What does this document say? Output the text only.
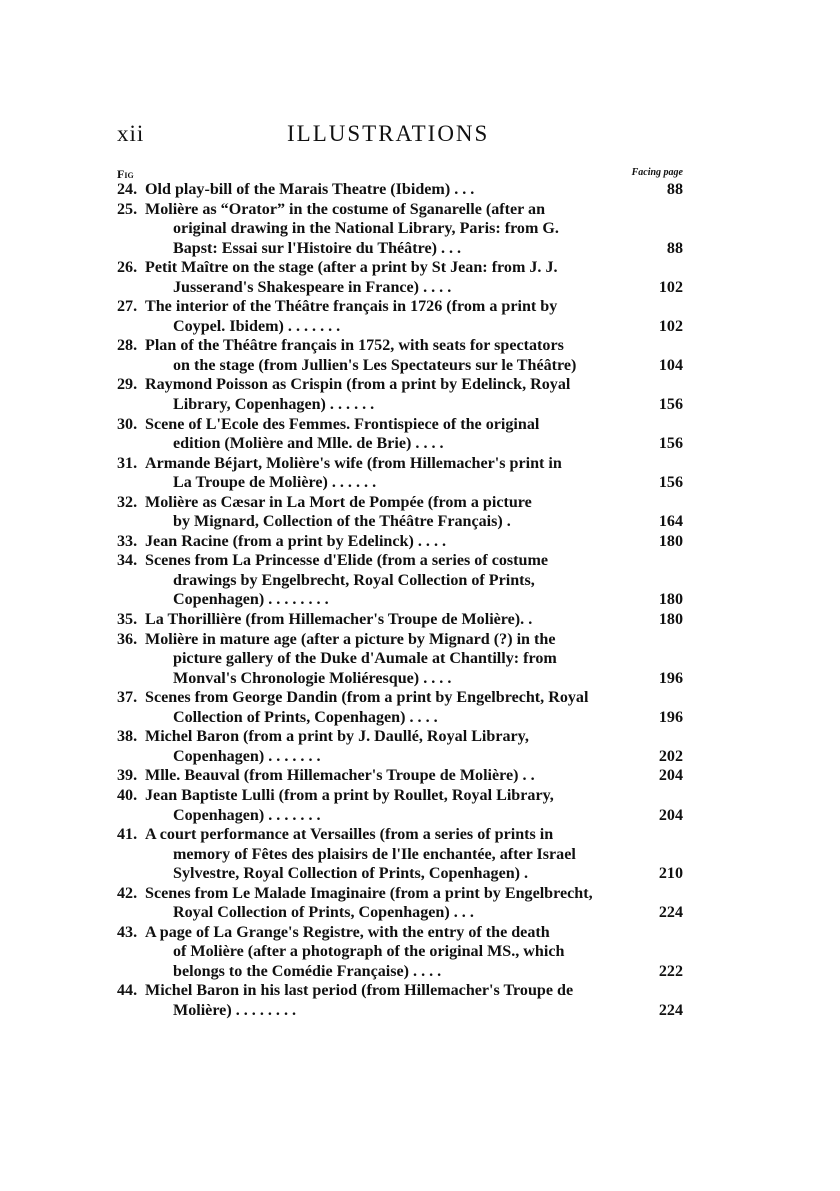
xii	ILLUSTRATIONS
Fig	Facing page
24. Old play-bill of the Marais Theatre (Ibidem) . . .	88
25. Molière as “Orator” in the costume of Sganarelle (after an
original drawing in the National Library, Paris: from G.
Bapst: Essai sur l'Histoire du Théâtre) . . .	88
26. Petit Maître on the stage (after a print by St Jean: from J. J.
Jusserand's Shakespeare in France) . . . .	102
27. The interior of the Théâtre français in 1726 (from a print by
Coypel. Ibidem) . . . . . . .	102
28. Plan of the Théâtre français in 1752, with seats for spectators
on the stage (from Jullien's Les Spectateurs sur le Théâtre)	104
29. Raymond Poisson as Crispin (from a print by Edelinck, Royal
Library, Copenhagen) . . . . . .	156
30. Scene of L'Ecole des Femmes. Frontispiece of the original
edition (Molière and Mlle. de Brie) . . . .	156
31. Armande Béjart, Molière's wife (from Hillemacher's print in
La Troupe de Molière) . . . . . .	156
32. Molière as Cæsar in La Mort de Pompée (from a picture
by Mignard, Collection of the Théâtre Français) .	164
33. Jean Racine (from a print by Edelinck) . . . .	180
34. Scenes from La Princesse d'Elide (from a series of costume
drawings by Engelbrecht, Royal Collection of Prints,
Copenhagen) . . . . . . . .	180
35. La Thorillière (from Hillemacher's Troupe de Molière). .	180
36. Molière in mature age (after a picture by Mignard (?) in the
picture gallery of the Duke d'Aumale at Chantilly: from
Monval's Chronologie Moliéresque) . . . .	196
37. Scenes from George Dandin (from a print by Engelbrecht, Royal
Collection of Prints, Copenhagen) . . . .	196
38. Michel Baron (from a print by J. Daullé, Royal Library,
Copenhagen) . . . . . . .	202
39. Mlle. Beauval (from Hillemacher's Troupe de Molière) . .	204
40. Jean Baptiste Lulli (from a print by Roullet, Royal Library,
Copenhagen) . . . . . . .	204
41. A court performance at Versailles (from a series of prints in
memory of Fêtes des plaisirs de l'Ile enchantée, after Israel
Sylvestre, Royal Collection of Prints, Copenhagen) .	210
42. Scenes from Le Malade Imaginaire (from a print by Engelbrecht,
Royal Collection of Prints, Copenhagen) . . .	224
43. A page of La Grange's Registre, with the entry of the death
of Molière (after a photograph of the original MS., which
belongs to the Comédie Française) . . . .	222
44. Michel Baron in his last period (from Hillemacher's Troupe de
Molière) . . . . . . . .	224
